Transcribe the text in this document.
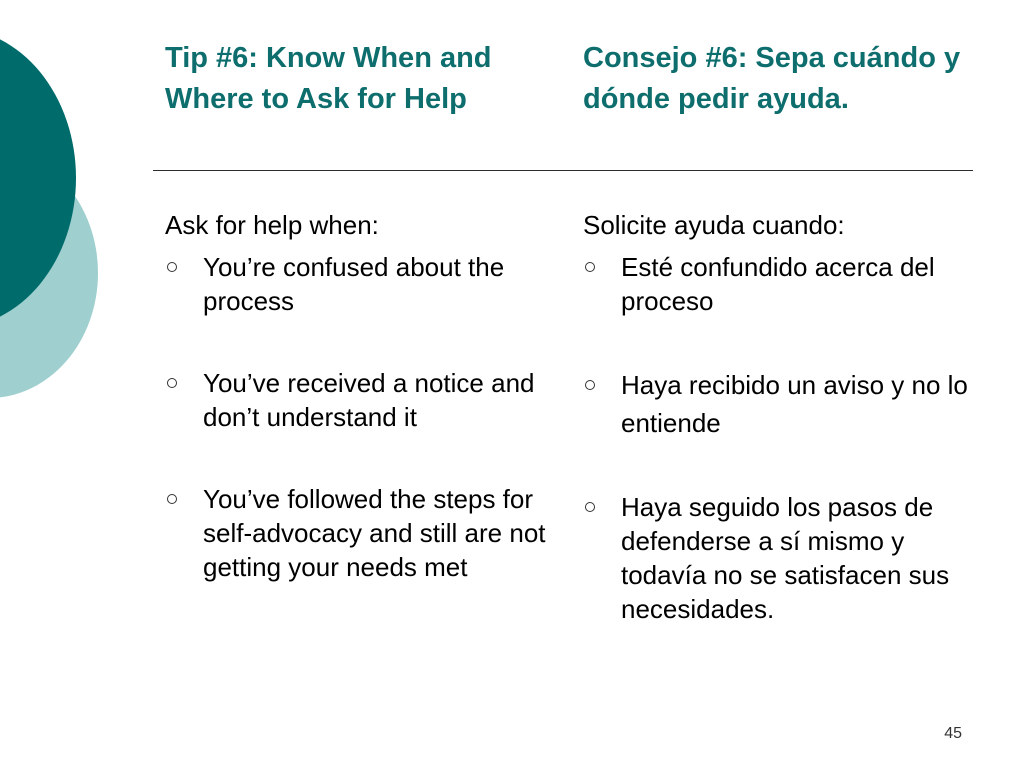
Tip #6: Know When and Where to Ask for Help
Consejo #6: Sepa cuándo y dónde pedir ayuda.

Ask for help when:

You’re confused about the process
You’ve received a notice and don’t understand it
You’ve followed the steps for self-advocacy and still are not getting your needs met

Solicite ayuda cuando:

Esté confundido acerca del proceso
Haya recibido un aviso y no lo entiende
Haya seguido los pasos de defenderse a sí mismo y todavía no se satisfacen sus necesidades.
45
